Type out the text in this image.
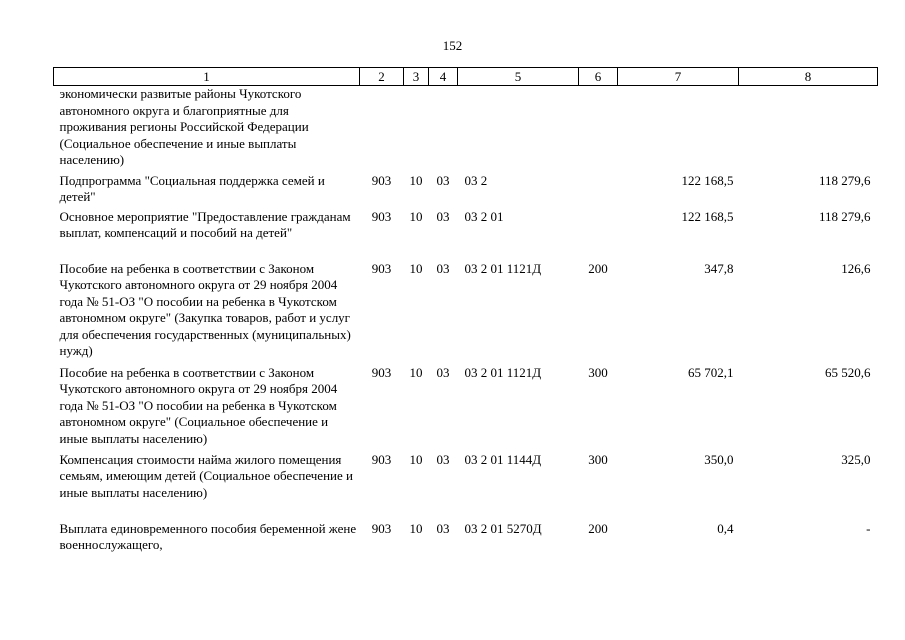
152
1	2	3	4	5	6	7	8
экономически развитые районы Чукотского автономного округа и благоприятные для проживания регионы Российской Федерации (Социальное обеспечение и иные выплаты населению)							
Подпрограмма "Социальная поддержка семей и детей"	903	10	03	03 2		122 168,5	118 279,6
Основное мероприятие "Предоставление гражданам выплат, компенсаций и пособий на детей"	903	10	03	03 2 01		122 168,5	118 279,6
Пособие на ребенка в соответствии с Законом Чукотского автономного округа от 29 ноября 2004 года № 51-ОЗ "О пособии на ребенка в Чукотском автономном округе" (Закупка товаров, работ и услуг для обеспечения государственных (муниципальных) нужд)	903	10	03	03 2 01 1121Д	200	347,8	126,6
Пособие на ребенка в соответствии с Законом Чукотского автономного округа от 29 ноября 2004 года № 51-ОЗ "О пособии на ребенка в Чукотском автономном округе" (Социальное обеспечение и иные выплаты населению)	903	10	03	03 2 01 1121Д	300	65 702,1	65 520,6
Компенсация стоимости найма жилого помещения семьям, имеющим детей (Социальное обеспечение и иные выплаты населению)	903	10	03	03 2 01 1144Д	300	350,0	325,0
Выплата единовременного пособия беременной жене военнослужащего,	903	10	03	03 2 01 5270Д	200	0,4	-
